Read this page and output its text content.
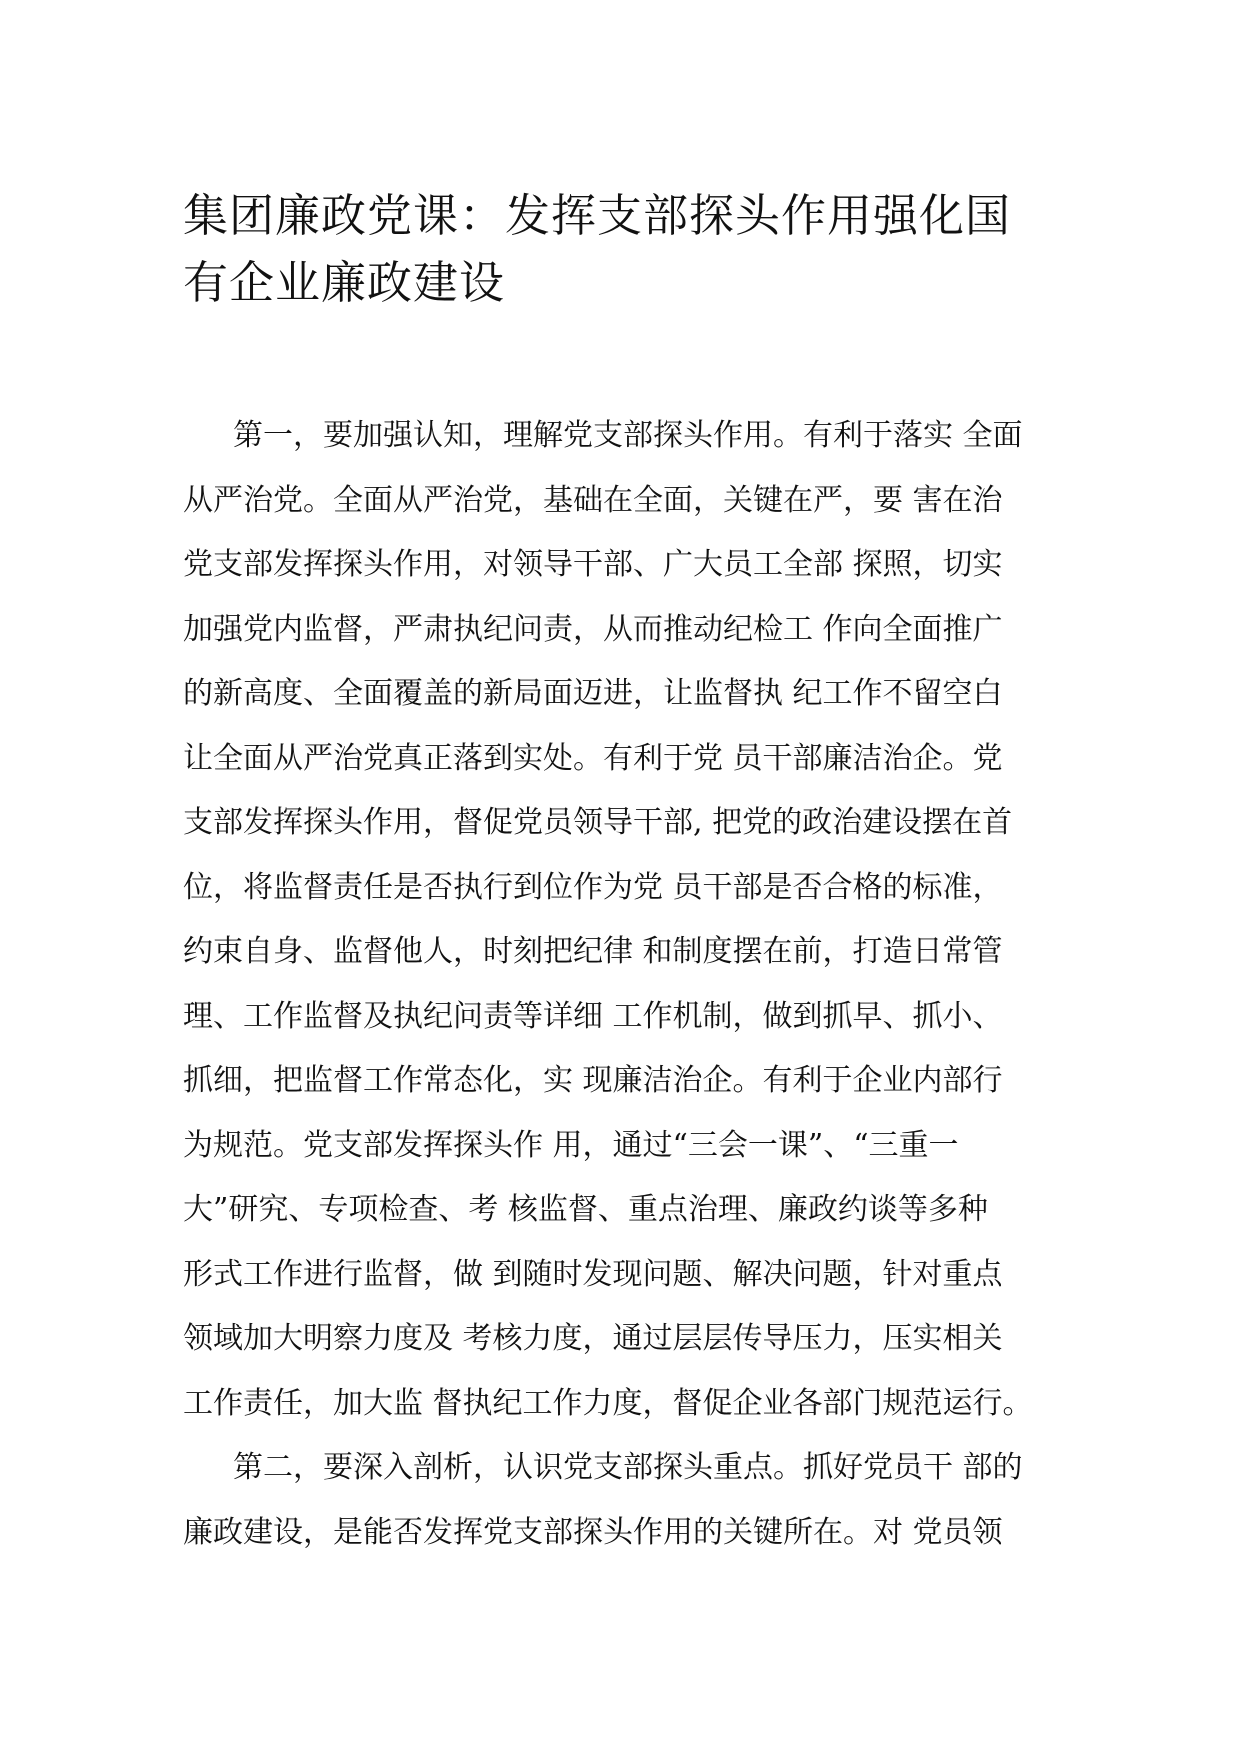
集团廉政党课：发挥支部探头作用强化国
有企业廉政建设
第一，要加强认知，理解党支部探头作用。有利于落实 全面
从严治党。全面从严治党，基础在全面，关键在严，要 害在治
党支部发挥探头作用，对领导干部、广大员工全部 探照，切实
加强党内监督，严肃执纪问责，从而推动纪检工 作向全面推广
的新高度、全面覆盖的新局面迈进，让监督执 纪工作不留空白
让全面从严治党真正落到实处。有利于党 员干部廉洁治企。党
支部发挥探头作用，督促党员领导干部, 把党的政治建设摆在首
位，将监督责任是否执行到位作为党 员干部是否合格的标准，
约束自身、监督他人，时刻把纪律 和制度摆在前，打造日常管
理、工作监督及执纪问责等详细 工作机制，做到抓早、抓小、
抓细，把监督工作常态化，实 现廉洁治企。有利于企业内部行
为规范。党支部发挥探头作 用，通过“三会一课”、“三重一
大”研究、专项检查、考 核监督、重点治理、廉政约谈等多种
形式工作进行监督，做 到随时发现问题、解决问题，针对重点
领域加大明察力度及 考核力度，通过层层传导压力，压实相关
工作责任，加大监 督执纪工作力度，督促企业各部门规范运行。
第二，要深入剖析，认识党支部探头重点。抓好党员干 部的
廉政建设，是能否发挥党支部探头作用的关键所在。对 党员领
